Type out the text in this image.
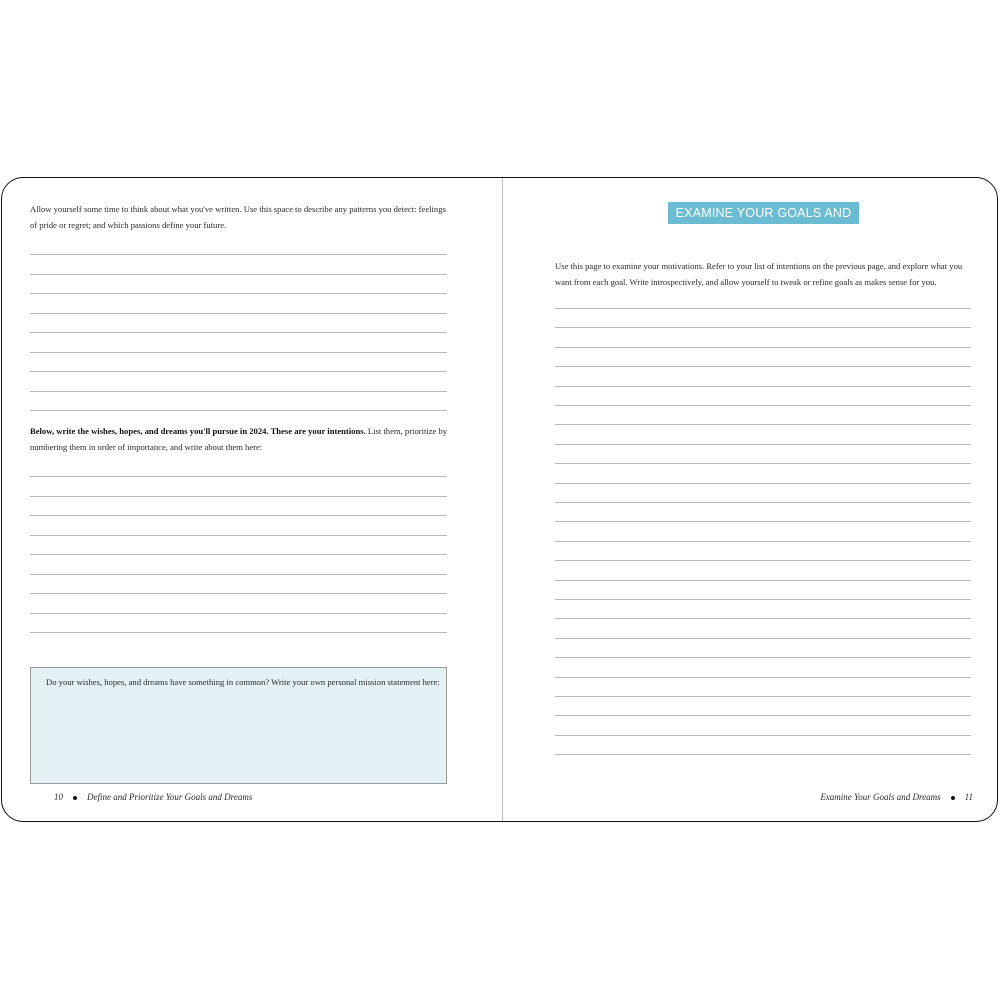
Allow yourself some time to think about what you've written. Use this space to describe any patterns you detect: feelings of pride or regret; and which passions define your future.

Below, write the wishes, hopes, and dreams you'll pursue in 2024. These are your intentions. List them, prioritize by numbering them in order of importance, and write about them here:

Do your wishes, hopes, and dreams have something in common? Write your own personal mission statement here:
10	Define and Prioritize Your Goals and Dreams
EXAMINE YOUR GOALS AND DREAMS

Use this page to examine your motivations. Refer to your list of intentions on the previous page, and explore what you want from each goal. Write introspectively, and allow yourself to tweak or refine goals as makes sense for you.

Examine Your Goals and Dreams	11
